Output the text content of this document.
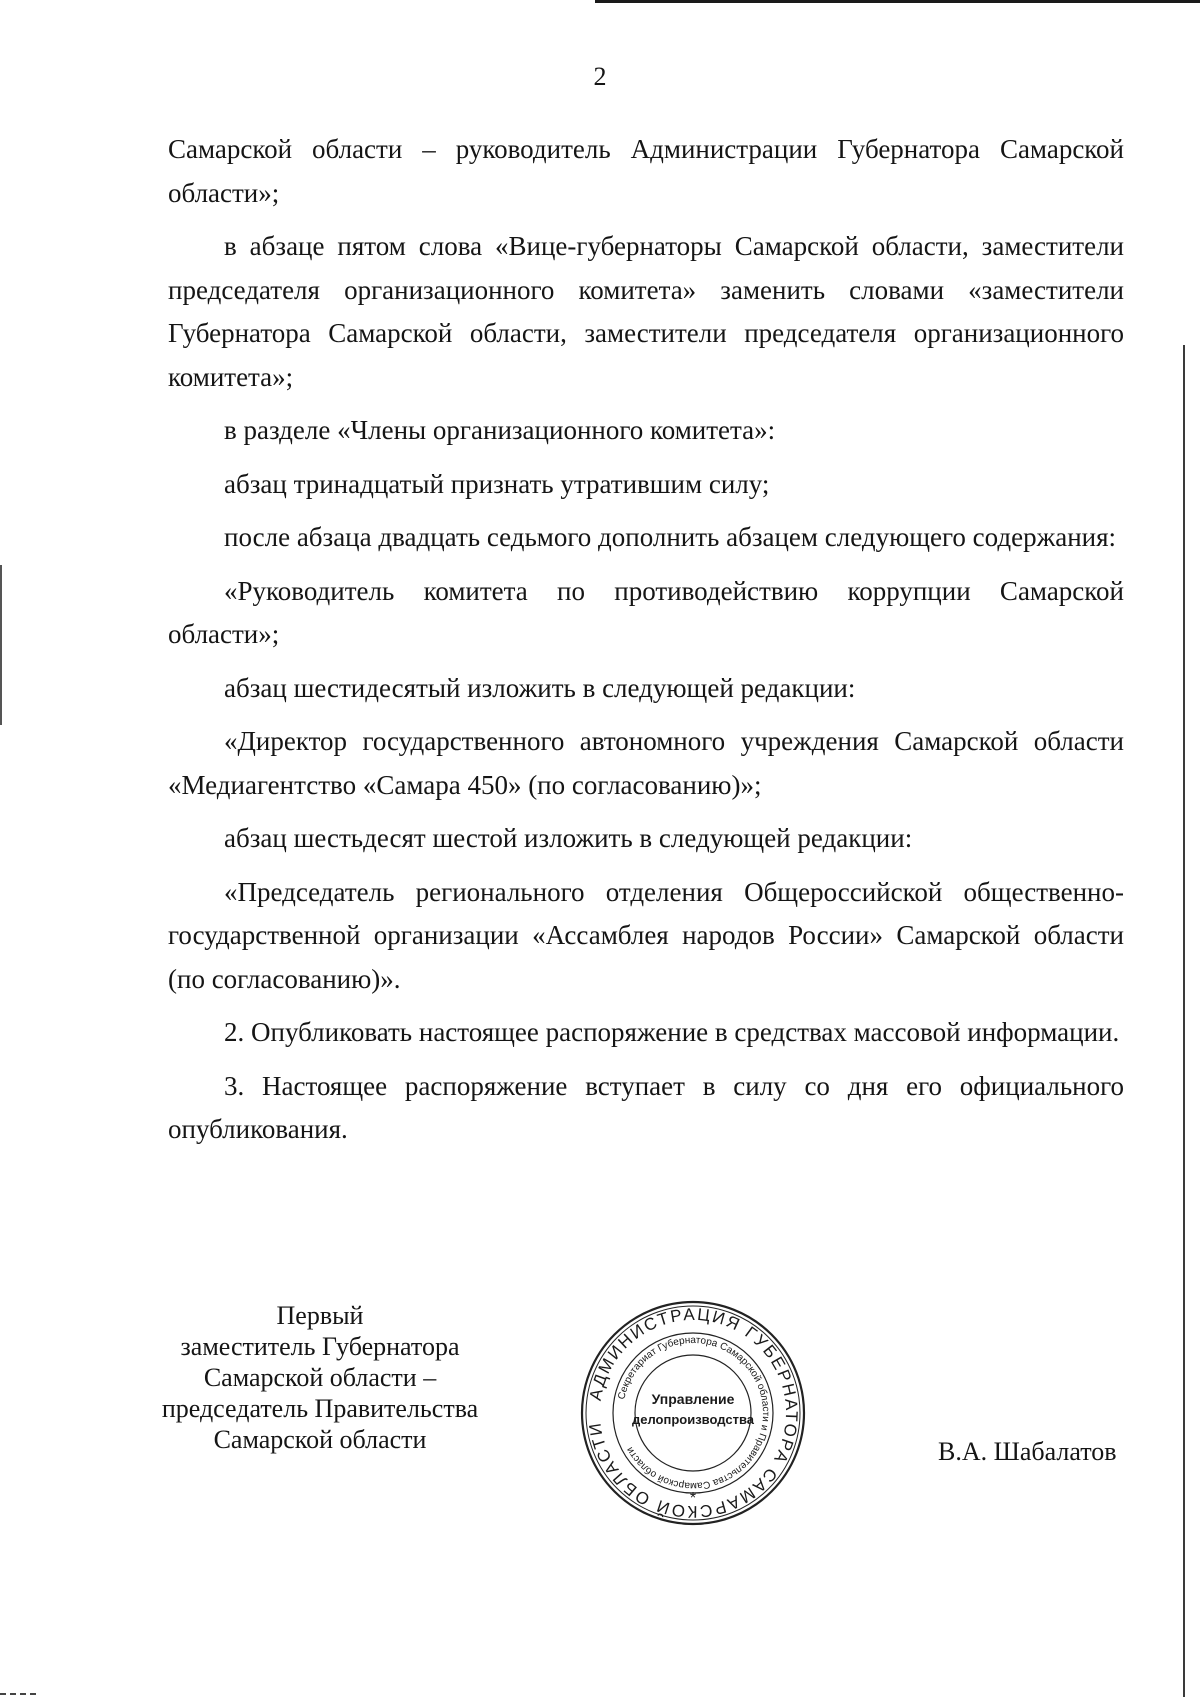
2

Самарской области – руководитель Администрации Губернатора Самарской области»;

в абзаце пятом слова «Вице-губернаторы Самарской области, заместители председателя организационного комитета» заменить словами «заместители Губернатора Самарской области, заместители председателя организационного комитета»;

в разделе «Члены организационного комитета»:

абзац тринадцатый признать утратившим силу;

после абзаца двадцать седьмого дополнить абзацем следующего содержания:

«Руководитель комитета по противодействию коррупции Самарской области»;

абзац шестидесятый изложить в следующей редакции:

«Директор государственного автономного учреждения Самарской области «Медиагентство «Самара 450» (по согласованию)»;

абзац шестьдесят шестой изложить в следующей редакции:

«Председатель регионального отделения Общероссийской общественно-государственной организации «Ассамблея народов России» Самарской области (по согласованию)».

2. Опубликовать настоящее распоряжение в средствах массовой информации.

3. Настоящее распоряжение вступает в силу со дня его официального опубликования.

Первый
заместитель Губернатора
Самарской области –
председатель Правительства
Самарской области
АДМИНИСТРАЦИЯ ГУБЕРНАТОРА САМАРСКОЙ ОБЛАСТИ
Секретариат Губернатора Самарской области и Правительства Самарской области
Управление
делопроизводства
*
В.А. Шабалатов
